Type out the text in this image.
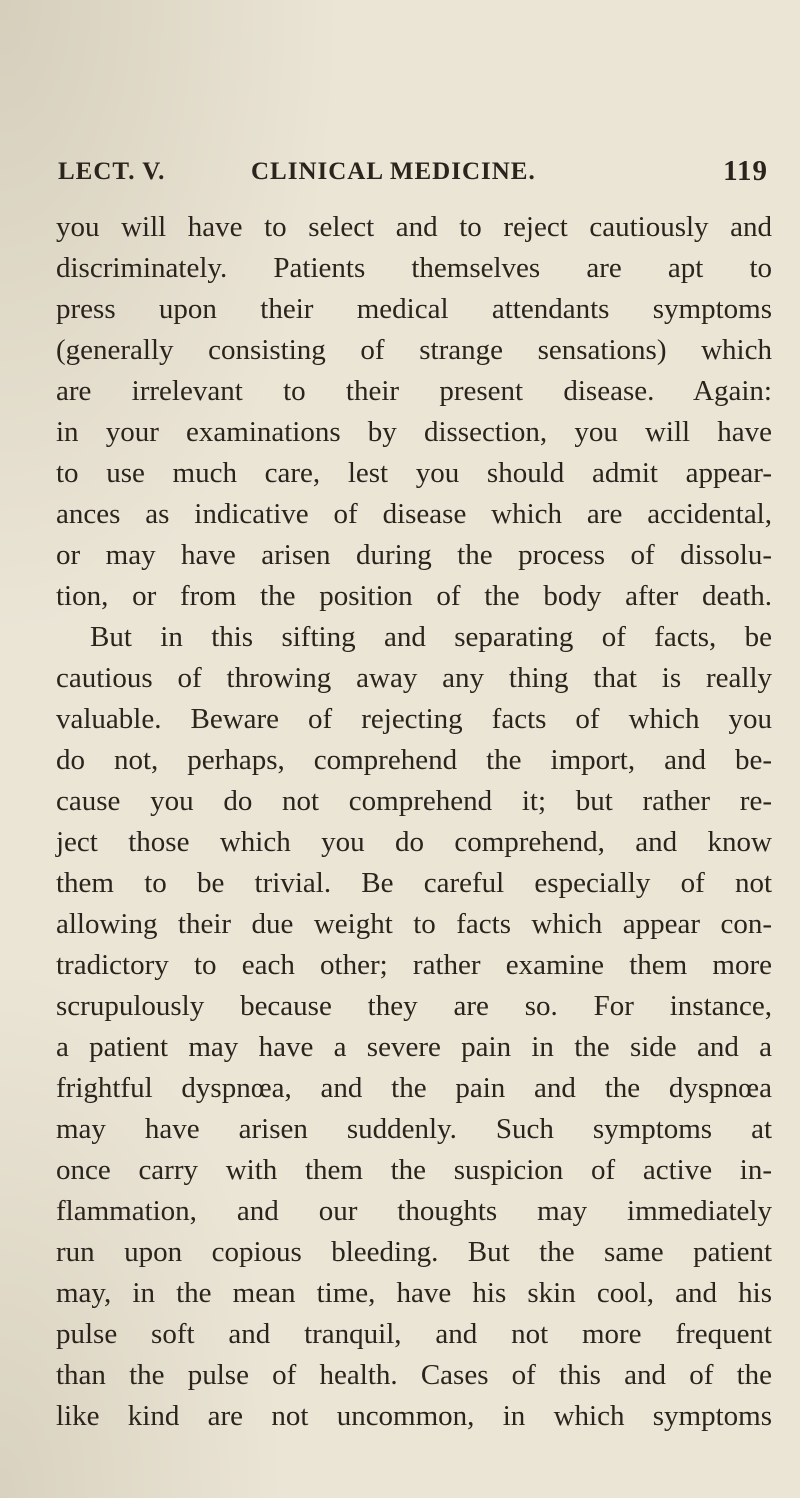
LECT. V.	CLINICAL MEDICINE.	119
you will have to select and to reject cautiously and
discriminately. Patients themselves are apt to
press upon their medical attendants symptoms
(generally consisting of strange sensations) which
are irrelevant to their present disease. Again:
in your examinations by dissection, you will have
to use much care, lest you should admit appear-
ances as indicative of disease which are accidental,
or may have arisen during the process of dissolu-
tion, or from the position of the body after death.
But in this sifting and separating of facts, be
cautious of throwing away any thing that is really
valuable. Beware of rejecting facts of which you
do not, perhaps, comprehend the import, and be-
cause you do not comprehend it; but rather re-
ject those which you do comprehend, and know
them to be trivial. Be careful especially of not
allowing their due weight to facts which appear con-
tradictory to each other; rather examine them more
scrupulously because they are so. For instance,
a patient may have a severe pain in the side and a
frightful dyspnœa, and the pain and the dyspnœa
may have arisen suddenly. Such symptoms at
once carry with them the suspicion of active in-
flammation, and our thoughts may immediately
run upon copious bleeding. But the same patient
may, in the mean time, have his skin cool, and his
pulse soft and tranquil, and not more frequent
than the pulse of health. Cases of this and of the
like kind are not uncommon, in which symptoms
